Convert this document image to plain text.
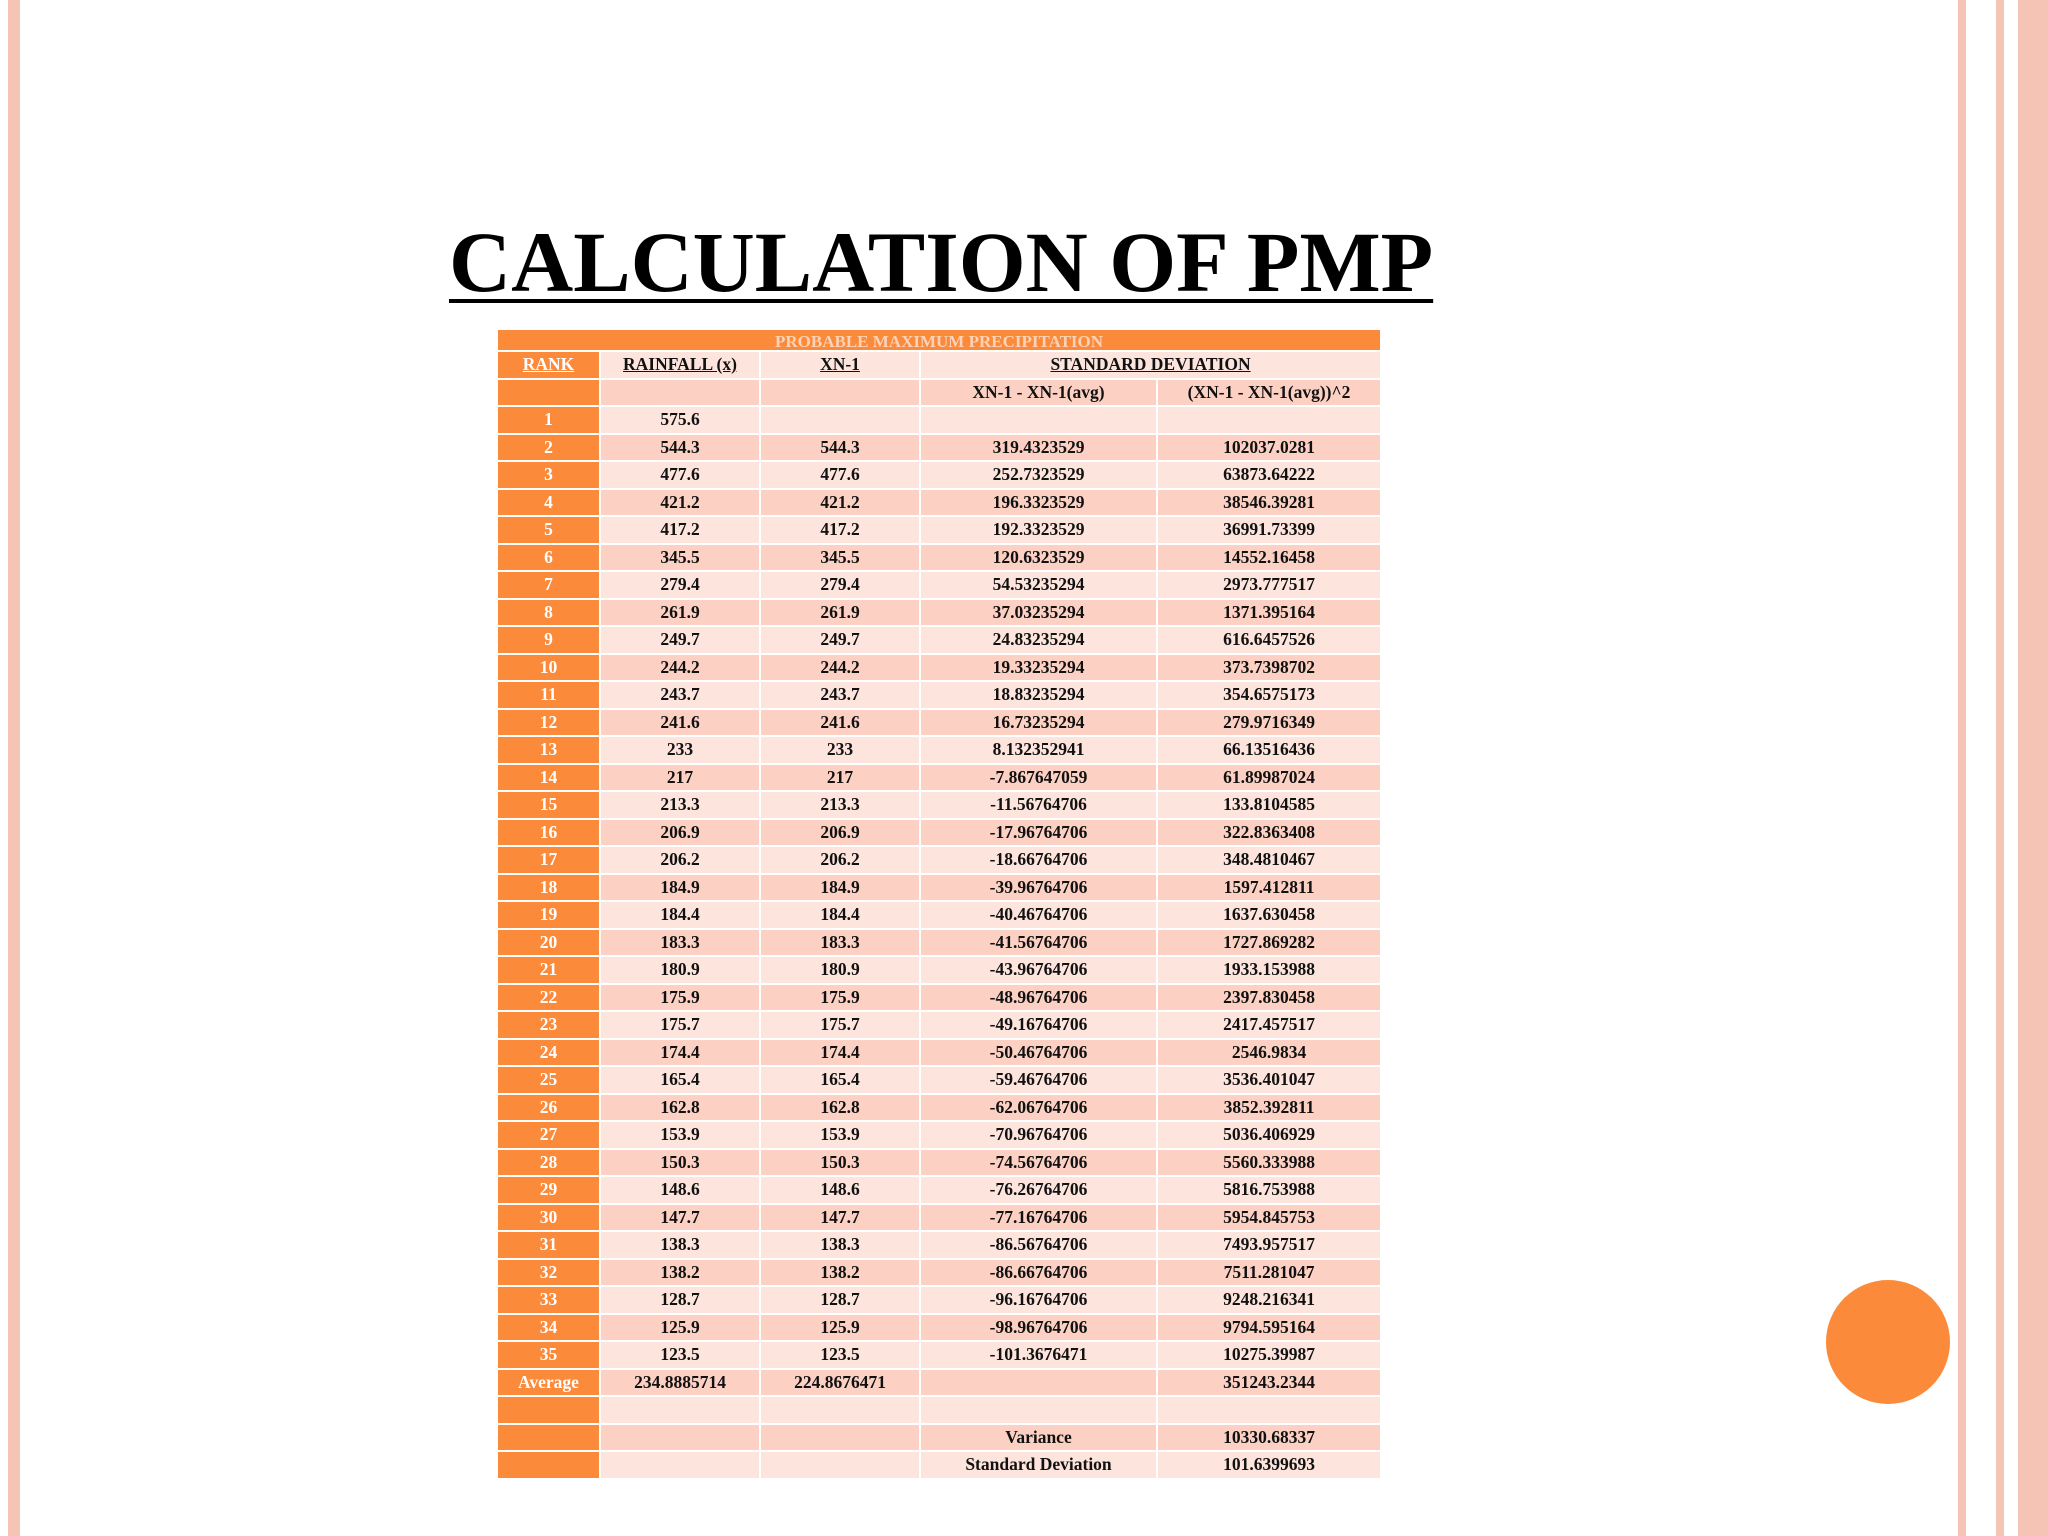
CALCULATION OF PMP
PROBABLE MAXIMUM PRECIPITATION				
RANK	RAINFALL (x)	XN-1	STANDARD DEVIATION	
			XN-1 - XN-1(avg)	(XN-1 - XN-1(avg))^2
1	575.6			
2	544.3	544.3	319.4323529	102037.0281
3	477.6	477.6	252.7323529	63873.64222
4	421.2	421.2	196.3323529	38546.39281
5	417.2	417.2	192.3323529	36991.73399
6	345.5	345.5	120.6323529	14552.16458
7	279.4	279.4	54.53235294	2973.777517
8	261.9	261.9	37.03235294	1371.395164
9	249.7	249.7	24.83235294	616.6457526
10	244.2	244.2	19.33235294	373.7398702
11	243.7	243.7	18.83235294	354.6575173
12	241.6	241.6	16.73235294	279.9716349
13	233	233	8.132352941	66.13516436
14	217	217	-7.867647059	61.89987024
15	213.3	213.3	-11.56764706	133.8104585
16	206.9	206.9	-17.96764706	322.8363408
17	206.2	206.2	-18.66764706	348.4810467
18	184.9	184.9	-39.96764706	1597.412811
19	184.4	184.4	-40.46764706	1637.630458
20	183.3	183.3	-41.56764706	1727.869282
21	180.9	180.9	-43.96764706	1933.153988
22	175.9	175.9	-48.96764706	2397.830458
23	175.7	175.7	-49.16764706	2417.457517
24	174.4	174.4	-50.46764706	2546.9834
25	165.4	165.4	-59.46764706	3536.401047
26	162.8	162.8	-62.06764706	3852.392811
27	153.9	153.9	-70.96764706	5036.406929
28	150.3	150.3	-74.56764706	5560.333988
29	148.6	148.6	-76.26764706	5816.753988
30	147.7	147.7	-77.16764706	5954.845753
31	138.3	138.3	-86.56764706	7493.957517
32	138.2	138.2	-86.66764706	7511.281047
33	128.7	128.7	-96.16764706	9248.216341
34	125.9	125.9	-98.96764706	9794.595164
35	123.5	123.5	-101.3676471	10275.39987
Average	234.8885714	224.8676471		351243.2344

			Variance	10330.68337
			Standard Deviation	101.6399693
